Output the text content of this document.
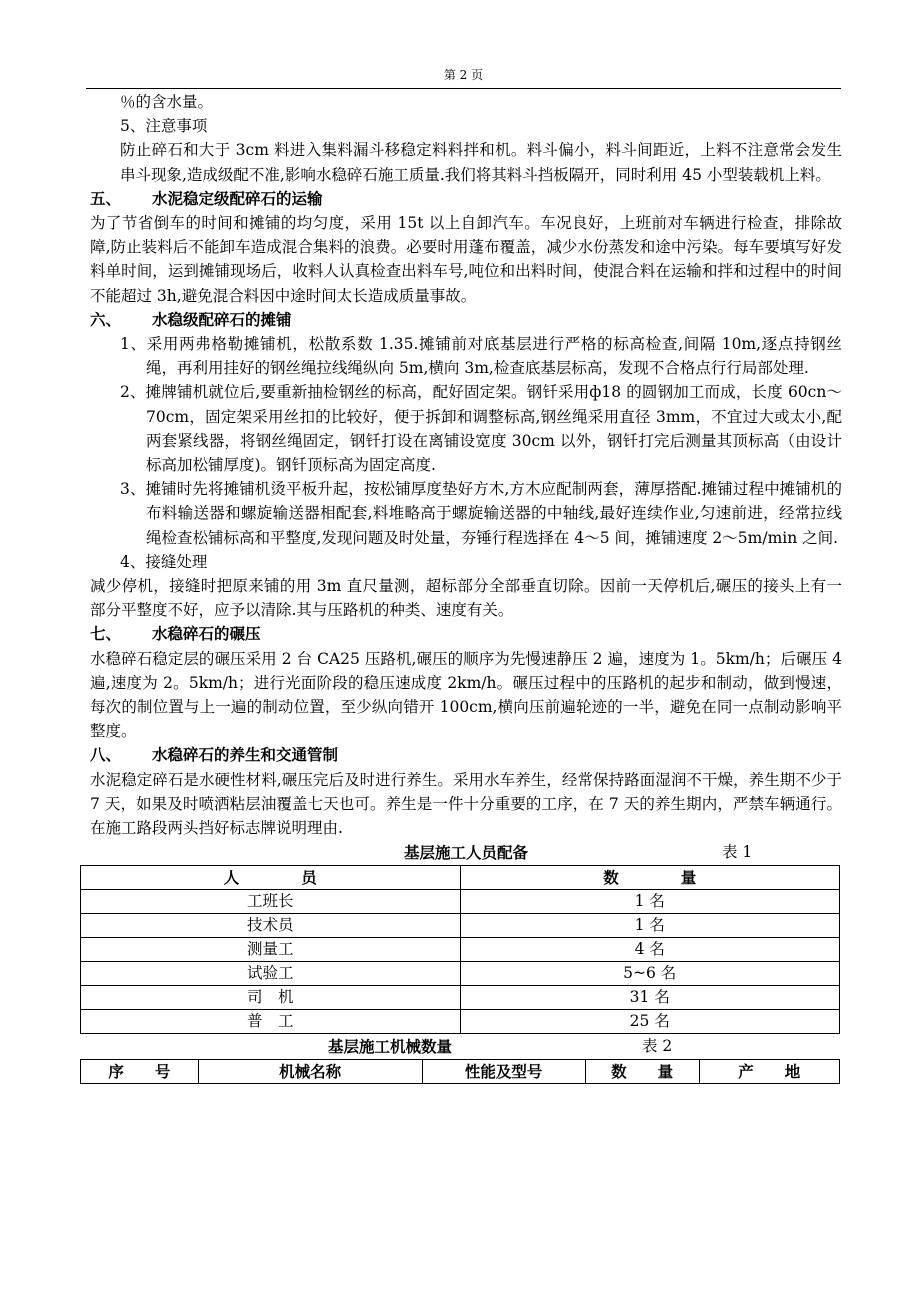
第 2 页

％的含水量。

5、注意事项

防止碎石和大于 3cm 料进入集料漏斗移稳定料料拌和机。料斗偏小，料斗间距近，上料不注意常会发生串斗现象,造成级配不准,影响水稳碎石施工质量.我们将其料斗挡板隔开，同时利用 45 小型装载机上料。

五、 水泥稳定级配碎石的运输

为了节省倒车的时间和摊铺的均匀度，采用 15t 以上自卸汽车。车况良好，上班前对车辆进行检查，排除故障,防止装料后不能卸车造成混合集料的浪费。必要时用蓬布覆盖，减少水份蒸发和途中污染。每车要填写好发料单时间，运到摊铺现场后，收料人认真检查出料车号,吨位和出料时间，使混合料在运输和拌和过程中的时间不能超过 3h,避免混合料因中途时间太长造成质量事故。

六、 水稳级配碎石的摊铺

1、采用两弗格勒摊铺机，松散系数 1.35.摊铺前对底基层进行严格的标高检查,间隔 10m,逐点持钢丝绳，再利用挂好的钢丝绳拉线绳纵向 5m,横向 3m,检查底基层标高，发现不合格点行行局部处理.

2、摊牌铺机就位后,要重新抽检钢丝的标高，配好固定架。钢钎采用ф18 的圆钢加工而成，长度 60cn～70cm，固定架采用丝扣的比较好，便于拆卸和调整标高,钢丝绳采用直径 3mm，不宜过大或太小,配两套紧线器，将钢丝绳固定，钢钎打设在离铺设宽度 30cm 以外，钢钎打完后测量其顶标高（由设计标高加松铺厚度)。钢钎顶标高为固定高度.

3、摊铺时先将摊铺机烫平板升起，按松铺厚度垫好方木,方木应配制两套，薄厚搭配.摊铺过程中摊铺机的布料输送器和螺旋输送器相配套,料堆略高于螺旋输送器的中轴线,最好连续作业,匀速前进，经常拉线绳检查松铺标高和平整度,发现问题及时处量，夯锤行程选择在 4～5 间，摊铺速度 2～5m/min 之间.

4、接缝处理

减少停机，接缝时把原来铺的用 3m 直尺量测，超标部分全部垂直切除。因前一天停机后,碾压的接头上有一部分平整度不好，应予以清除.其与压路机的种类、速度有关。

七、 水稳碎石的碾压

水稳碎石稳定层的碾压采用 2 台 CA25 压路机,碾压的顺序为先慢速静压 2 遍，速度为 1。5km/h；后碾压 4 遍,速度为 2。5km/h；进行光面阶段的稳压速成度 2km/h。碾压过程中的压路机的起步和制动，做到慢速，每次的制位置与上一遍的制动位置，至少纵向错开 100cm,横向压前遍轮迹的一半，避免在同一点制动影响平整度。

八、 水稳碎石的养生和交通管制

水泥稳定碎石是水硬性材料,碾压完后及时进行养生。采用水车养生，经常保持路面湿润不干燥，养生期不少于 7 天，如果及时喷洒粘层油覆盖七天也可。养生是一件十分重要的工序，在 7 天的养生期内，严禁车辆通行。在施工路段两头挡好标志牌说明理由.

基层施工人员配备	表 1
人　　　　员	数　　　　量
工班长	1 名
技术员	1 名
测量工	4 名
试验工	5~6 名
司　机	31 名
普　工	25 名
基层施工机械数量	表 2
序　　号	机械名称	性能及型号	数　　量	产　　地
